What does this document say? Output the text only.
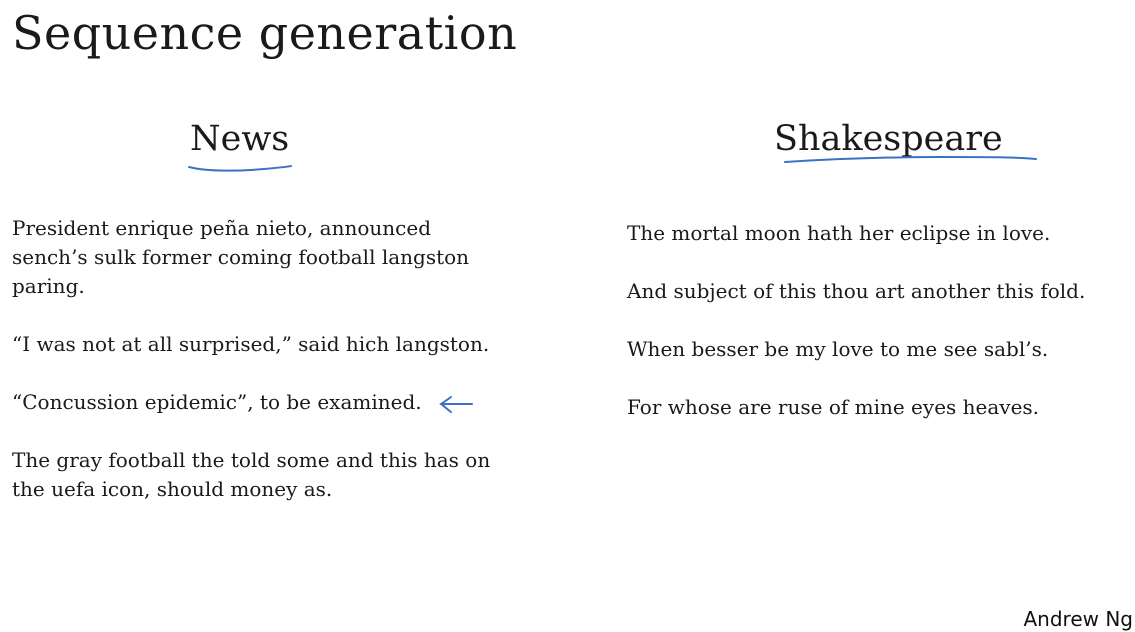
Sequence generation
News	Shakespeare

President enrique peña nieto, announced
sench’s sulk former coming football langston
paring.

“I was not at all surprised,” said hich langston.

“Concussion epidemic”, to be examined.

The gray football the told some and this has on
the uefa icon, should money as.

The mortal moon hath her eclipse in love.

And subject of this thou art another this fold.

When besser be my love to me see sabl’s.

For whose are ruse of mine eyes heaves.

Andrew Ng
